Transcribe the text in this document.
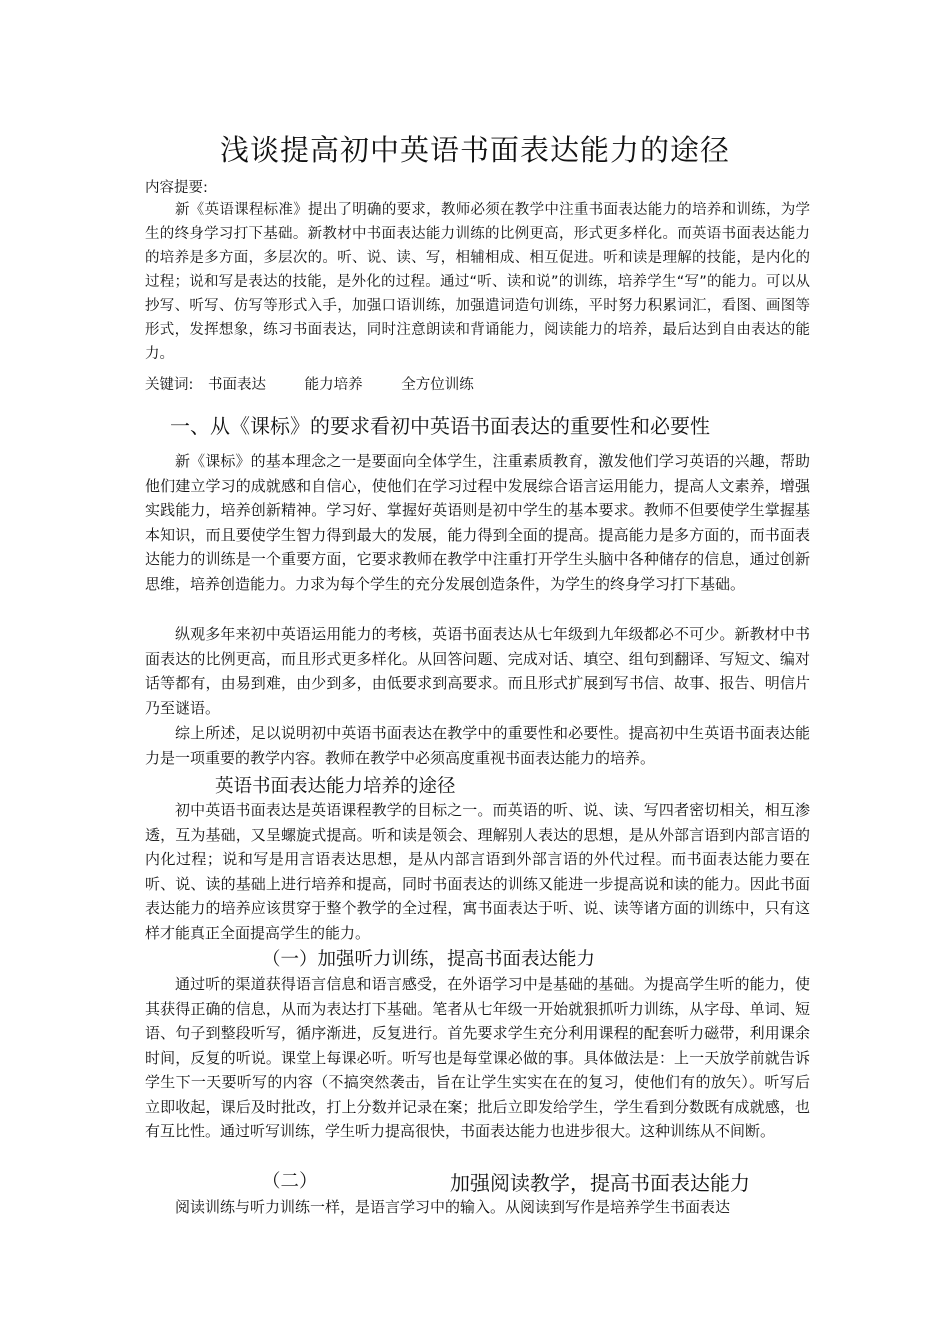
浅谈提高初中英语书面表达能力的途径
内容提要:
新《英语课程标准》提出了明确的要求，教师必须在教学中注重书面表达能力的培养和训练，为学生的终身学习打下基础。新教材中书面表达能力训练的比例更高，形式更多样化。而英语书面表达能力的培养是多方面，多层次的。听、说、读、写，相辅相成、相互促进。听和读是理解的技能，是内化的过程；说和写是表达的技能，是外化的过程。通过“听、读和说”的训练，培养学生“写”的能力。可以从抄写、听写、仿写等形式入手，加强口语训练，加强遣词造句训练，平时努力积累词汇，看图、画图等形式，发挥想象，练习书面表达，同时注意朗读和背诵能力，阅读能力的培养，最后达到自由表达的能力。
关键词: 书面表达	能力培养	全方位训练
一、从《课标》的要求看初中英语书面表达的重要性和必要性
新《课标》的基本理念之一是要面向全体学生，注重素质教育，激发他们学习英语的兴趣，帮助他们建立学习的成就感和自信心，使他们在学习过程中发展综合语言运用能力，提高人文素养，增强实践能力，培养创新精神。学习好、掌握好英语则是初中学生的基本要求。教师不但要使学生掌握基本知识，而且要使学生智力得到最大的发展，能力得到全面的提高。提高能力是多方面的，而书面表达能力的训练是一个重要方面，它要求教师在教学中注重打开学生头脑中各种储存的信息，通过创新思维，培养创造能力。力求为每个学生的充分发展创造条件，为学生的终身学习打下基础。
纵观多年来初中英语运用能力的考核，英语书面表达从七年级到九年级都必不可少。新教材中书面表达的比例更高，而且形式更多样化。从回答问题、完成对话、填空、组句到翻译、写短文、编对话等都有，由易到难，由少到多，由低要求到高要求。而且形式扩展到写书信、故事、报告、明信片乃至谜语。
综上所述，足以说明初中英语书面表达在教学中的重要性和必要性。提高初中生英语书面表达能力是一项重要的教学内容。教师在教学中必须高度重视书面表达能力的培养。
英语书面表达能力培养的途径
初中英语书面表达是英语课程教学的目标之一。而英语的听、说、读、写四者密切相关，相互渗透，互为基础，又呈螺旋式提高。听和读是领会、理解别人表达的思想，是从外部言语到内部言语的内化过程；说和写是用言语表达思想，是从内部言语到外部言语的外代过程。而书面表达能力要在听、说、读的基础上进行培养和提高，同时书面表达的训练又能进一步提高说和读的能力。因此书面表达能力的培养应该贯穿于整个教学的全过程，寓书面表达于听、说、读等诸方面的训练中，只有这样才能真正全面提高学生的能力。
（一）加强听力训练，提高书面表达能力
通过听的渠道获得语言信息和语言感受，在外语学习中是基础的基础。为提高学生听的能力，使其获得正确的信息，从而为表达打下基础。笔者从七年级一开始就狠抓听力训练，从字母、单词、短语、句子到整段听写，循序渐进，反复进行。首先要求学生充分利用课程的配套听力磁带，利用课余时间，反复的听说。课堂上每课必听。听写也是每堂课必做的事。具体做法是：上一天放学前就告诉学生下一天要听写的内容（不搞突然袭击，旨在让学生实实在在的复习，使他们有的放矢）。听写后立即收起，课后及时批改，打上分数并记录在案；批后立即发给学生，学生看到分数既有成就感，也有互比性。通过听写训练，学生听力提高很快，书面表达能力也进步很大。这种训练从不间断。
（二）	加强阅读教学，提高书面表达能力
阅读训练与听力训练一样，是语言学习中的输入。从阅读到写作是培养学生书面表达
